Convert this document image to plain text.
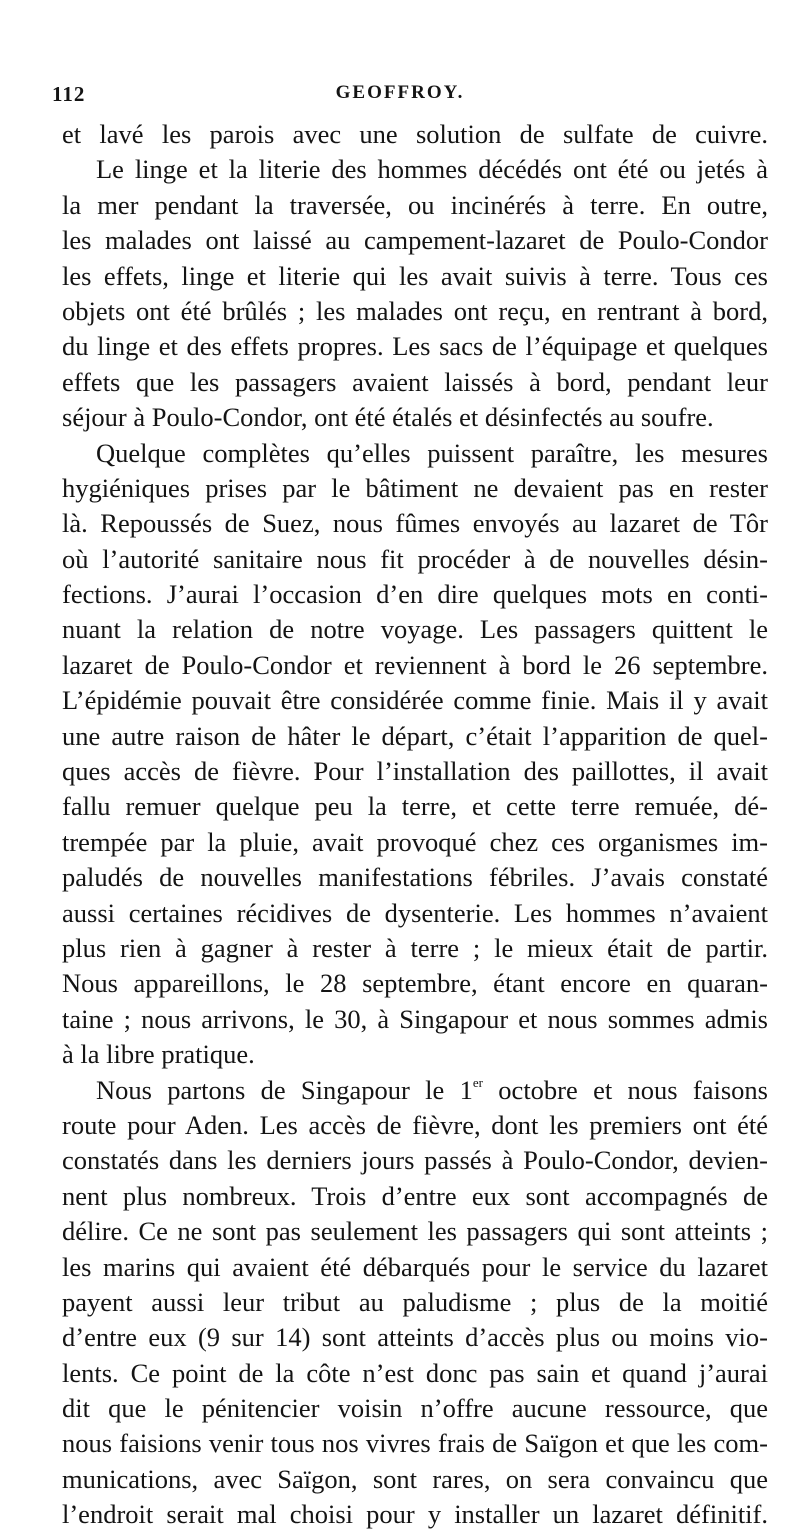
112	GEOFFROY.
et lavé les parois avec une solution de sulfate de cuivre.
Le linge et la literie des hommes décédés ont été ou jetés à
la mer pendant la traversée, ou incinérés à terre. En outre,
les malades ont laissé au campement-lazaret de Poulo-Condor
les effets, linge et literie qui les avait suivis à terre. Tous ces
objets ont été brûlés ; les malades ont reçu, en rentrant à bord,
du linge et des effets propres. Les sacs de l’équipage et quelques
effets que les passagers avaient laissés à bord, pendant leur
séjour à Poulo-Condor, ont été étalés et désinfectés au soufre.
Quelque complètes qu’elles puissent paraître, les mesures
hygiéniques prises par le bâtiment ne devaient pas en rester
là. Repoussés de Suez, nous fûmes envoyés au lazaret de Tôr
où l’autorité sanitaire nous fit procéder à de nouvelles désin-
fections. J’aurai l’occasion d’en dire quelques mots en conti-
nuant la relation de notre voyage. Les passagers quittent le
lazaret de Poulo-Condor et reviennent à bord le 26 septembre.
L’épidémie pouvait être considérée comme finie. Mais il y avait
une autre raison de hâter le départ, c’était l’apparition de quel-
ques accès de fièvre. Pour l’installation des paillottes, il avait
fallu remuer quelque peu la terre, et cette terre remuée, dé-
trempée par la pluie, avait provoqué chez ces organismes im-
paludés de nouvelles manifestations fébriles. J’avais constaté
aussi certaines récidives de dysenterie. Les hommes n’avaient
plus rien à gagner à rester à terre ; le mieux était de partir.
Nous appareillons, le 28 septembre, étant encore en quaran-
taine ; nous arrivons, le 30, à Singapour et nous sommes admis
à la libre pratique.
Nous partons de Singapour le 1er octobre et nous faisons
route pour Aden. Les accès de fièvre, dont les premiers ont été
constatés dans les derniers jours passés à Poulo-Condor, devien-
nent plus nombreux. Trois d’entre eux sont accompagnés de
délire. Ce ne sont pas seulement les passagers qui sont atteints ;
les marins qui avaient été débarqués pour le service du lazaret
payent aussi leur tribut au paludisme ; plus de la moitié
d’entre eux (9 sur 14) sont atteints d’accès plus ou moins vio-
lents. Ce point de la côte n’est donc pas sain et quand j’aurai
dit que le pénitencier voisin n’offre aucune ressource, que
nous faisions venir tous nos vivres frais de Saïgon et que les com-
munications, avec Saïgon, sont rares, on sera convaincu que
l’endroit serait mal choisi pour y installer un lazaret définitif.
